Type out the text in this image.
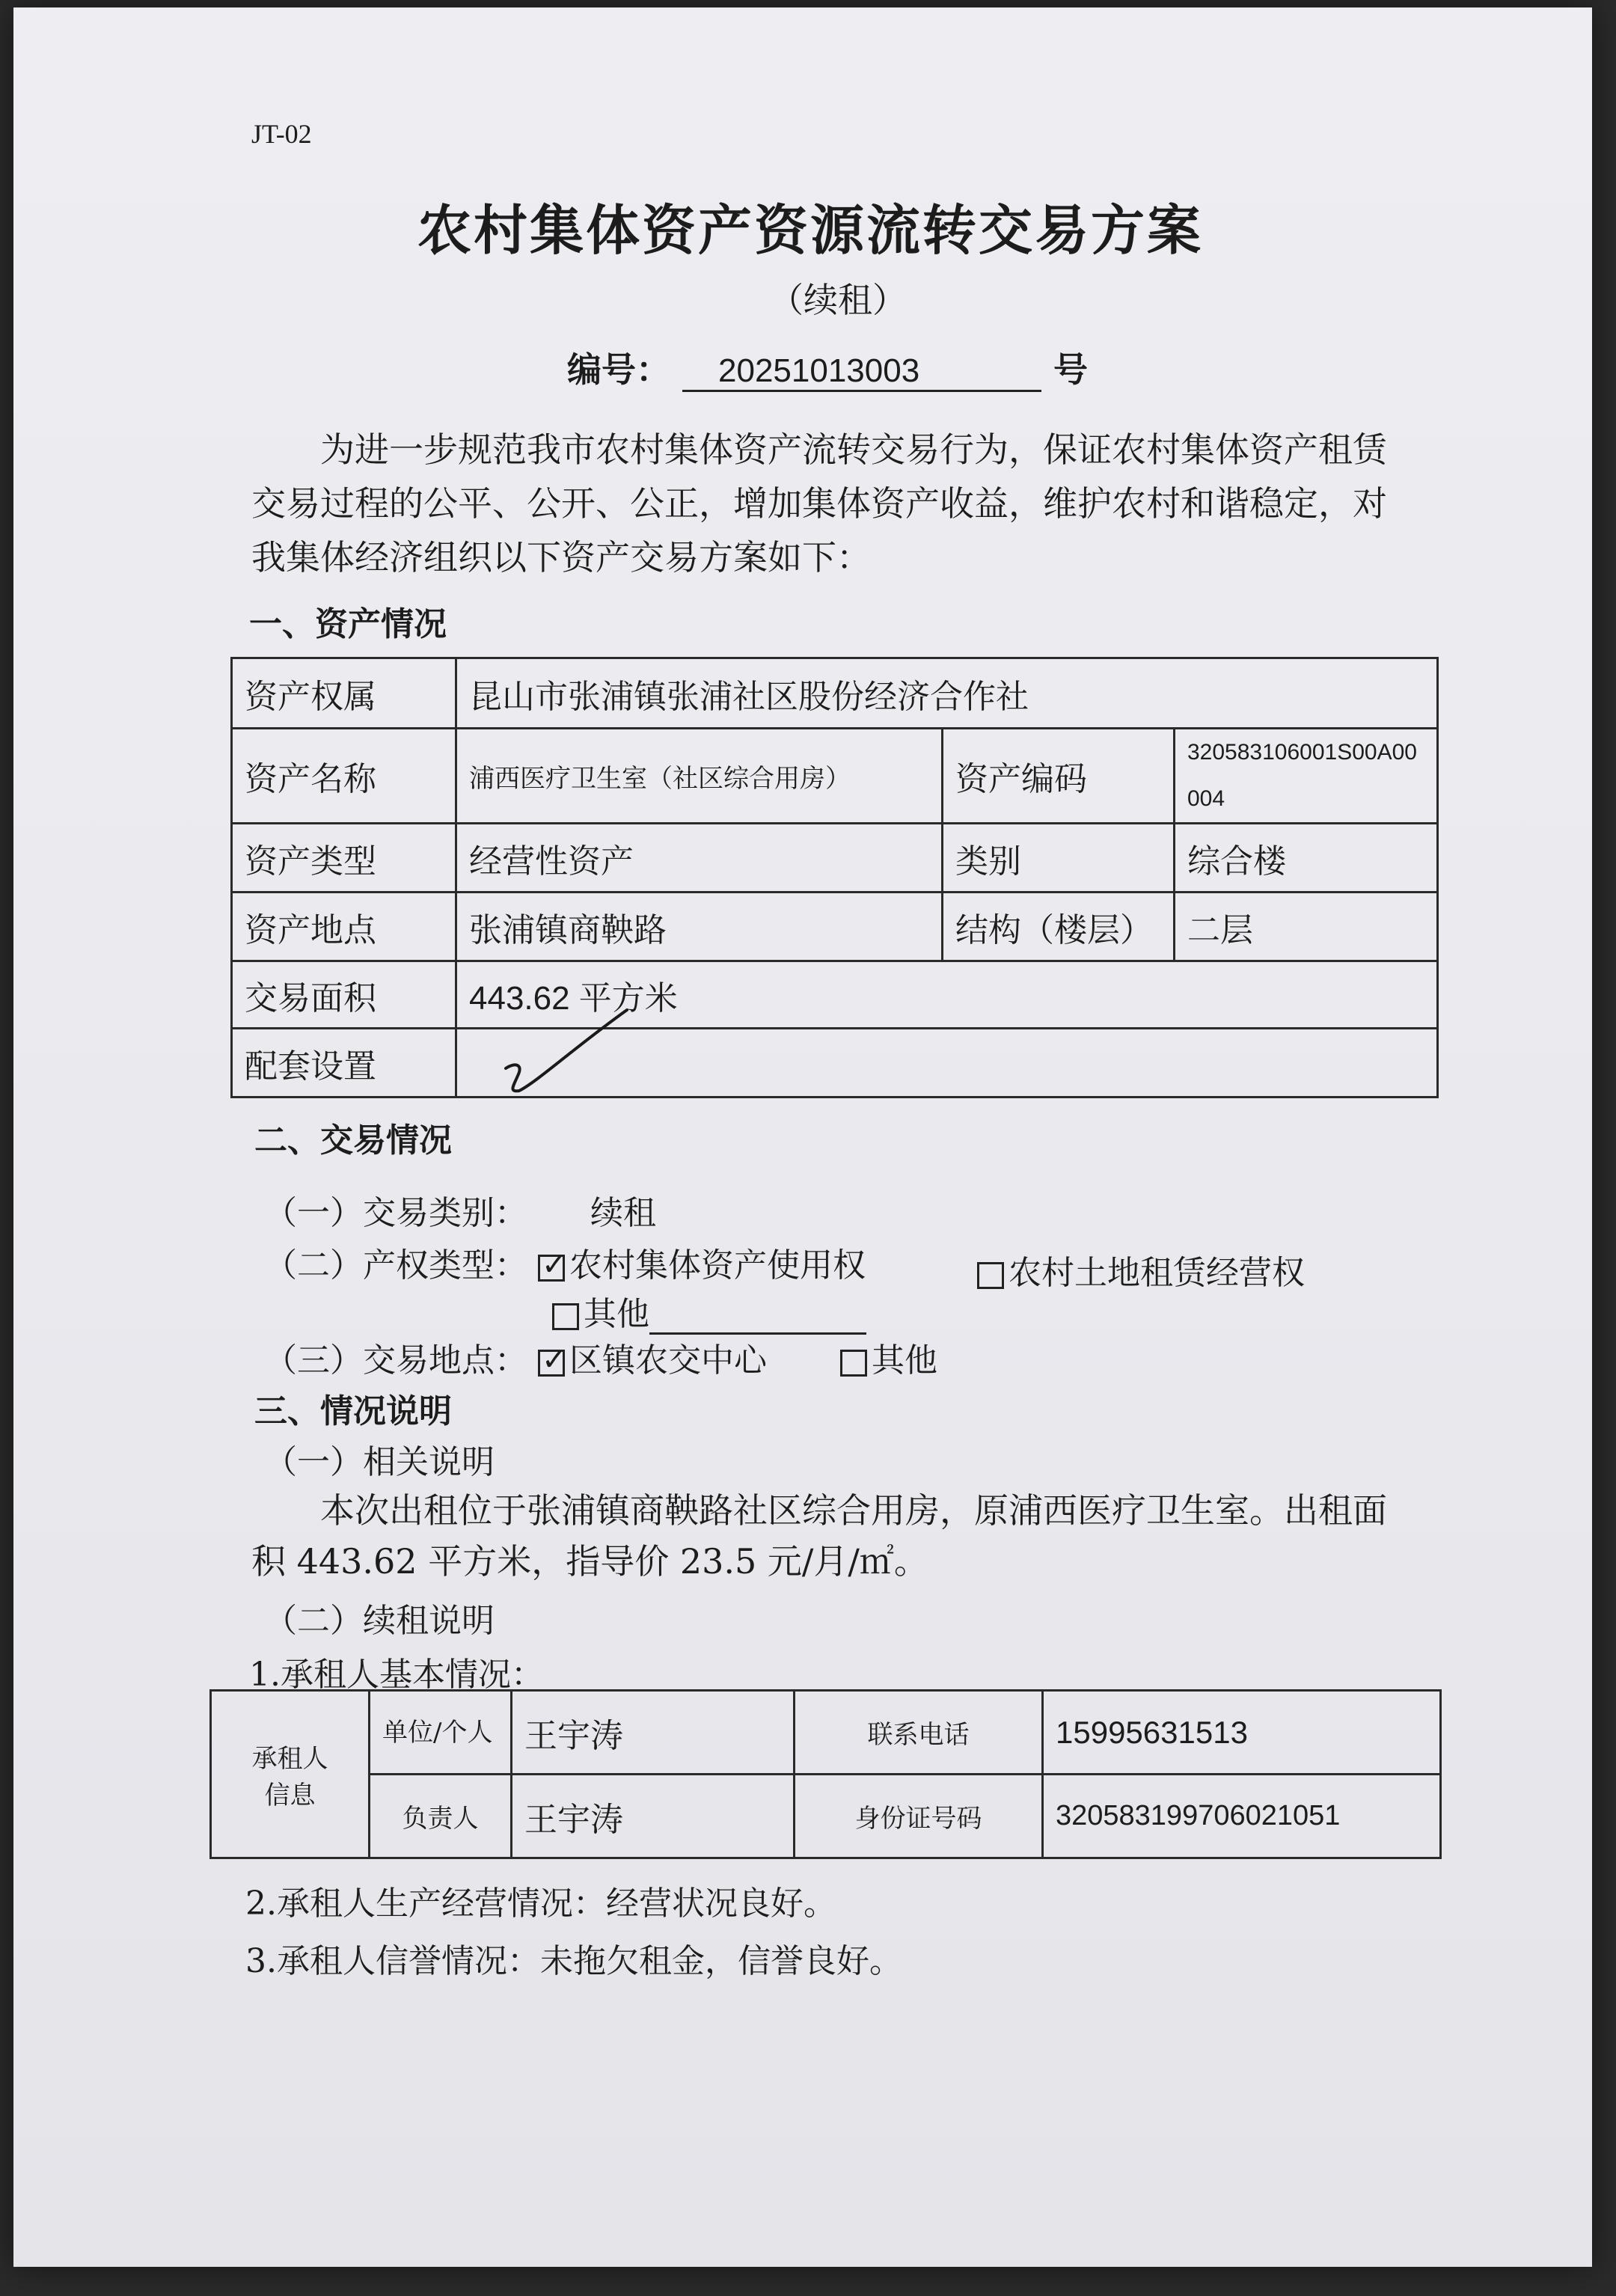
JT-02
农村集体资产资源流转交易方案
（续租）
编号： 20251013003	号
为进一步规范我市农村集体资产流转交易行为，保证农村集体资产租赁交易过程的公平、公开、公正，增加集体资产收益，维护农村和谐稳定，对我集体经济组织以下资产交易方案如下：
一、资产情况
资产权属	昆山市张浦镇张浦社区股份经济合作社		
资产名称	浦西医疗卫生室（社区综合用房）	资产编码	320583106001S00A00004
资产类型	经营性资产	类别	综合楼
资产地点	张浦镇商鞅路	结构（楼层）	二层
交易面积	443.62 平方米		
配套设置			
二、交易情况
（一）交易类别： 续租
（二）产权类型： ✓ 农村集体资产使用权	农村土地租赁经营权
其他
（三）交易地点： ✓ 区镇农交中心	其他
三、情况说明
（一）相关说明
本次出租位于张浦镇商鞅路社区综合用房，原浦西医疗卫生室。出租面积 443.62 平方米，指导价 23.5 元/月/㎡。
（二）续租说明
1.承租人基本情况：
承租人信息	单位/个人	王宇涛	联系电话	15995631513
	负责人	王宇涛	身份证号码	320583199706021051
2.承租人生产经营情况：经营状况良好。
3.承租人信誉情况：未拖欠租金，信誉良好。
